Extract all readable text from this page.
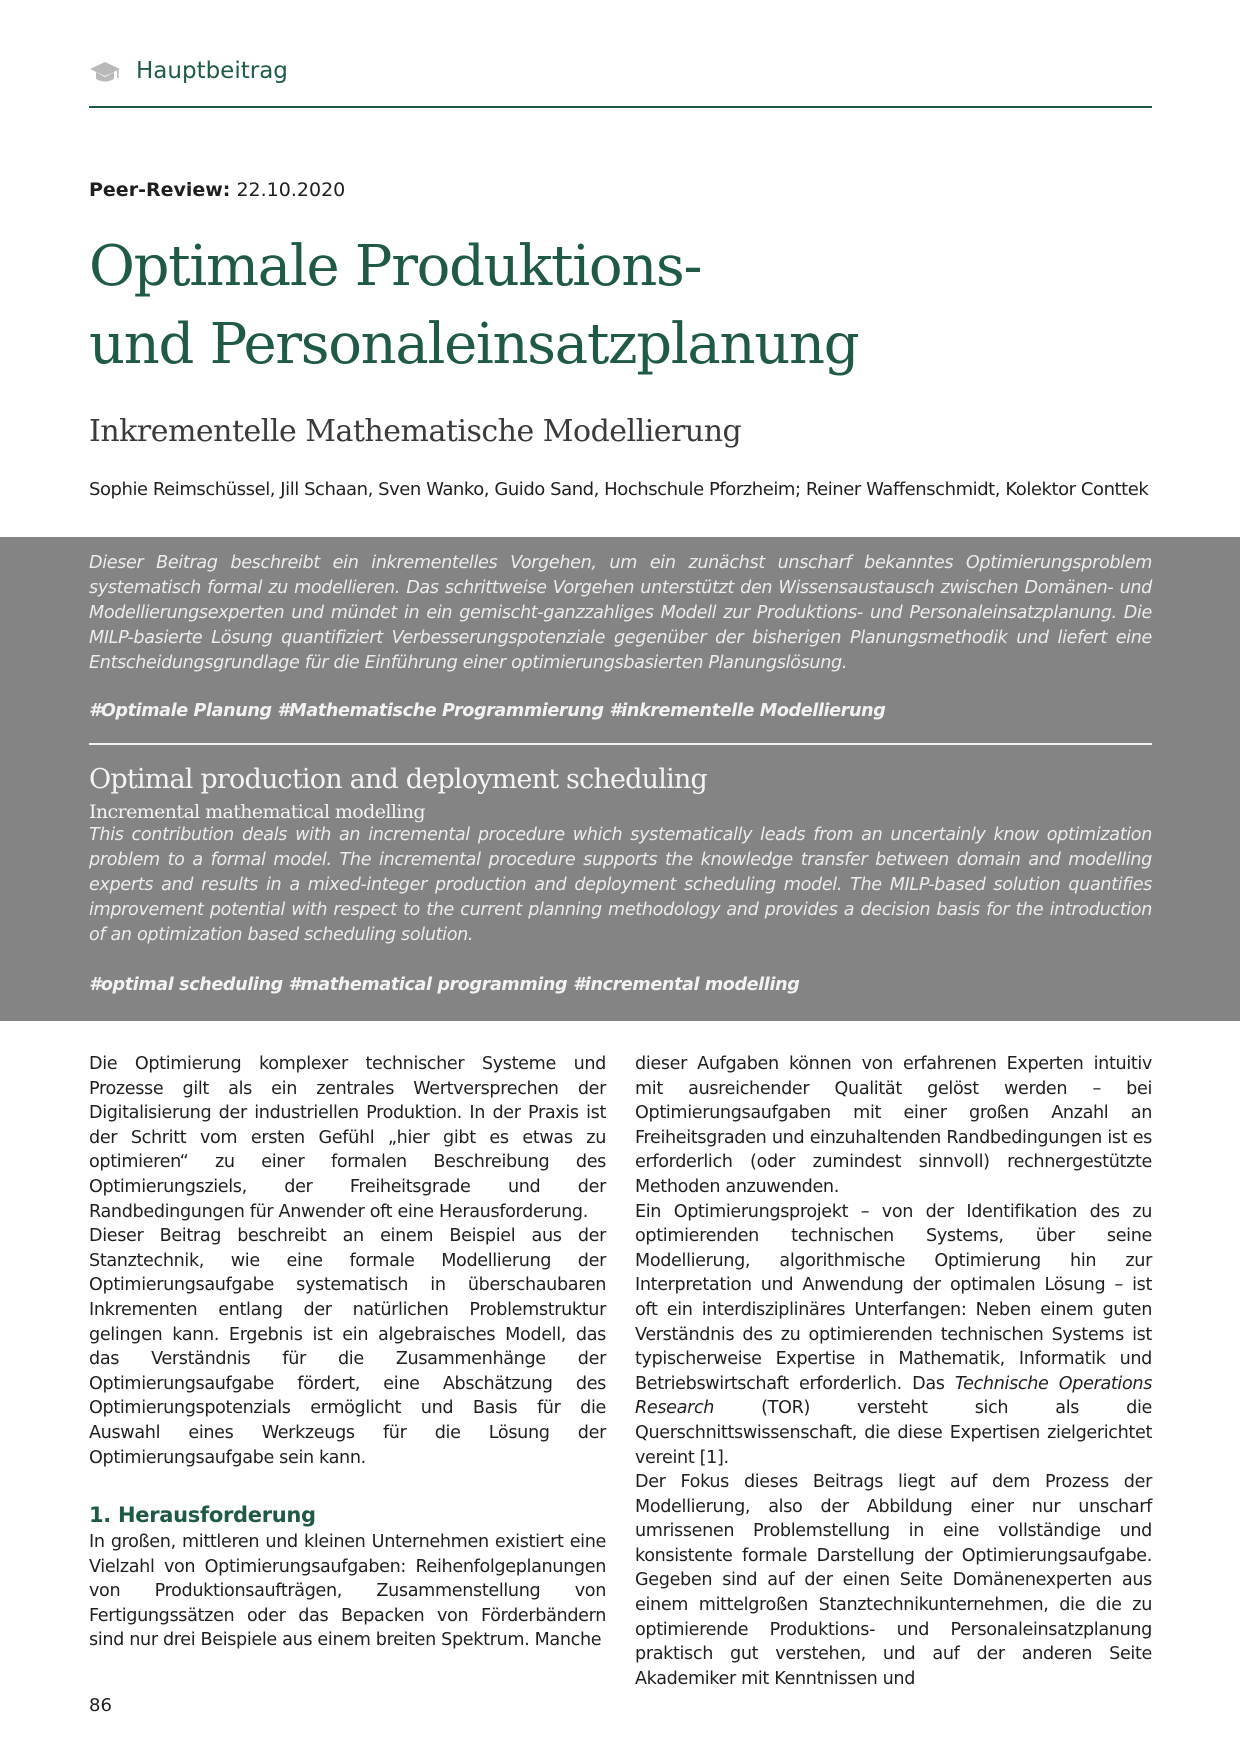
Hauptbeitrag
Peer-Review: 22.10.2020
Optimale Produktions-
und Personaleinsatzplanung
Inkrementelle Mathematische Modellierung
Sophie Reimschüssel, Jill Schaan, Sven Wanko, Guido Sand, Hochschule Pforzheim; Reiner Waffenschmidt, Kolektor Conttek

Dieser Beitrag beschreibt ein inkrementelles Vorgehen, um ein zunächst unscharf bekanntes Optimierungsproblem systematisch formal zu modellieren. Das schrittweise Vorgehen unterstützt den Wissensaustausch zwischen Domänen- und Modellierungsexperten und mündet in ein gemischt-ganzzahliges Modell zur Produktions- und Personaleinsatzplanung. Die MILP-basierte Lösung quantifiziert Verbesserungspotenziale gegenüber der bisherigen Planungsmethodik und liefert eine Entscheidungsgrundlage für die Einführung einer optimierungsbasierten Planungslösung.

#Optimale Planung #Mathematische Programmierung #inkrementelle Modellierung
Optimal production and deployment scheduling
Incremental mathematical modelling

This contribution deals with an incremental procedure which systematically leads from an uncertainly know optimization problem to a formal model. The incremental procedure supports the knowledge transfer between domain and modelling experts and results in a mixed-integer production and deployment scheduling model. The MILP-based solution quantifies improvement potential with respect to the current planning methodology and provides a decision basis for the introduction of an optimization based scheduling solution.

#optimal scheduling #mathematical programming #incremental modelling

Die Optimierung komplexer technischer Systeme und Prozesse gilt als ein zentrales Wertversprechen der Digitalisierung der industriellen Produktion. In der Praxis ist der Schritt vom ersten Gefühl „hier gibt es etwas zu optimieren“ zu einer formalen Beschreibung des Optimierungsziels, der Freiheitsgrade und der Randbedingungen für Anwender oft eine Herausforderung.

Dieser Beitrag beschreibt an einem Beispiel aus der Stanztechnik, wie eine formale Modellierung der Optimierungsaufgabe systematisch in überschaubaren Inkrementen entlang der natürlichen Problemstruktur gelingen kann. Ergebnis ist ein algebraisches Modell, das das Verständnis für die Zusammenhänge der Optimierungsaufgabe fördert, eine Abschätzung des Optimierungspotenzials ermöglicht und Basis für die Auswahl eines Werkzeugs für die Lösung der Optimierungsaufgabe sein kann.

1. Herausforderung

In großen, mittleren und kleinen Unternehmen existiert eine Vielzahl von Optimierungsaufgaben: Reihenfolgeplanungen von Produktionsaufträgen, Zusammenstellung von Fertigungssätzen oder das Bepacken von Förderbändern sind nur drei Beispiele aus einem breiten Spektrum. Manche

dieser Aufgaben können von erfahrenen Experten intuitiv mit ausreichender Qualität gelöst werden – bei Optimierungsaufgaben mit einer großen Anzahl an Freiheitsgraden und einzuhaltenden Randbedingungen ist es erforderlich (oder zumindest sinnvoll) rechnergestützte Methoden anzuwenden.

Ein Optimierungsprojekt – von der Identifikation des zu optimierenden technischen Systems, über seine Modellierung, algorithmische Optimierung hin zur Interpretation und Anwendung der optimalen Lösung – ist oft ein interdisziplinäres Unterfangen: Neben einem guten Verständnis des zu optimierenden technischen Systems ist typischerweise Expertise in Mathematik, Informatik und Betriebswirtschaft erforderlich. Das Technische Operations Research (TOR) versteht sich als die Querschnittswissenschaft, die diese Expertisen zielgerichtet vereint [1].

Der Fokus dieses Beitrags liegt auf dem Prozess der Modellierung, also der Abbildung einer nur unscharf umrissenen Problemstellung in eine vollständige und konsistente formale Darstellung der Optimierungsaufgabe. Gegeben sind auf der einen Seite Domänenexperten aus einem mittelgroßen Stanztechnikunternehmen, die die zu optimierende Produktions- und Personaleinsatzplanung praktisch gut verstehen, und auf der anderen Seite Akademiker mit Kenntnissen und

86
